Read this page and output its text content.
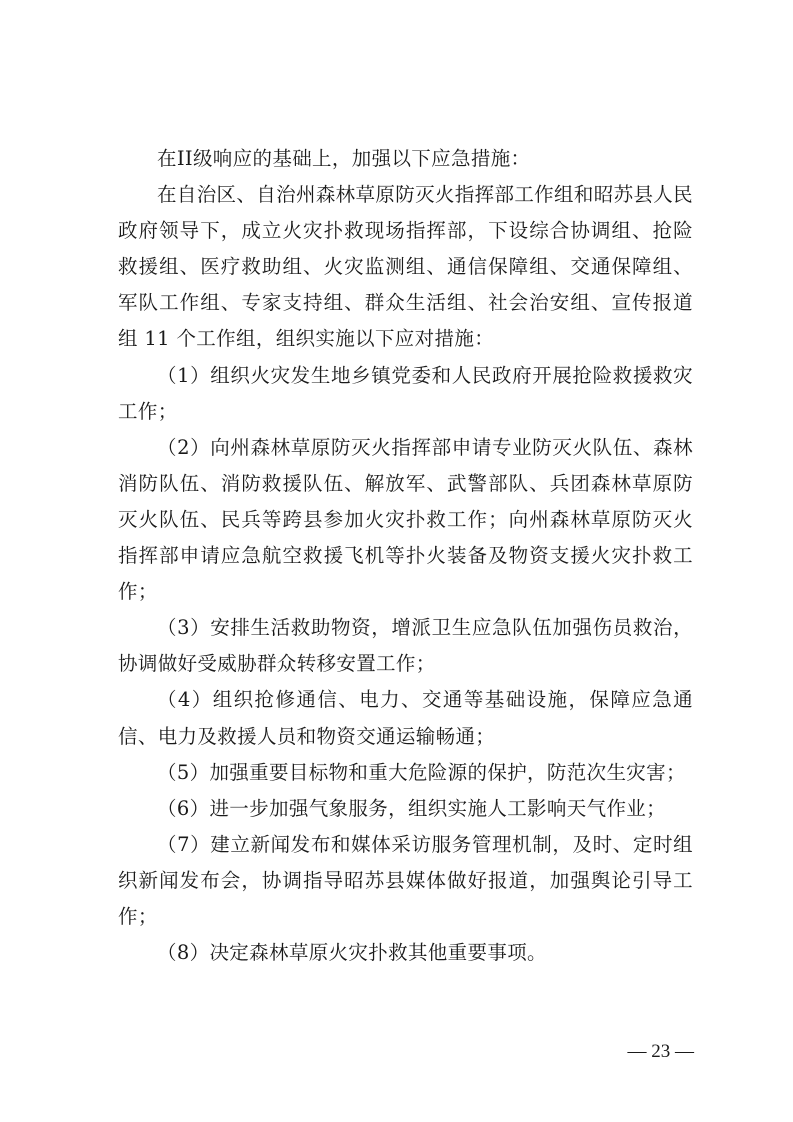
在II级响应的基础上，加强以下应急措施：

在自治区、自治州森林草原防灭火指挥部工作组和昭苏县人民政府领导下，成立火灾扑救现场指挥部，下设综合协调组、抢险救援组、医疗救助组、火灾监测组、通信保障组、交通保障组、军队工作组、专家支持组、群众生活组、社会治安组、宣传报道组 11 个工作组，组织实施以下应对措施：

（1）组织火灾发生地乡镇党委和人民政府开展抢险救援救灾工作；

（2）向州森林草原防灭火指挥部申请专业防灭火队伍、森林消防队伍、消防救援队伍、解放军、武警部队、兵团森林草原防灭火队伍、民兵等跨县参加火灾扑救工作；向州森林草原防灭火指挥部申请应急航空救援飞机等扑火装备及物资支援火灾扑救工作；

（3）安排生活救助物资，增派卫生应急队伍加强伤员救治，协调做好受威胁群众转移安置工作；

（4）组织抢修通信、电力、交通等基础设施，保障应急通信、电力及救援人员和物资交通运输畅通；

（5）加强重要目标物和重大危险源的保护，防范次生灾害；

（6）进一步加强气象服务，组织实施人工影响天气作业；

（7）建立新闻发布和媒体采访服务管理机制，及时、定时组织新闻发布会，协调指导昭苏县媒体做好报道，加强舆论引导工作；

（8）决定森林草原火灾扑救其他重要事项。

— 23 —
